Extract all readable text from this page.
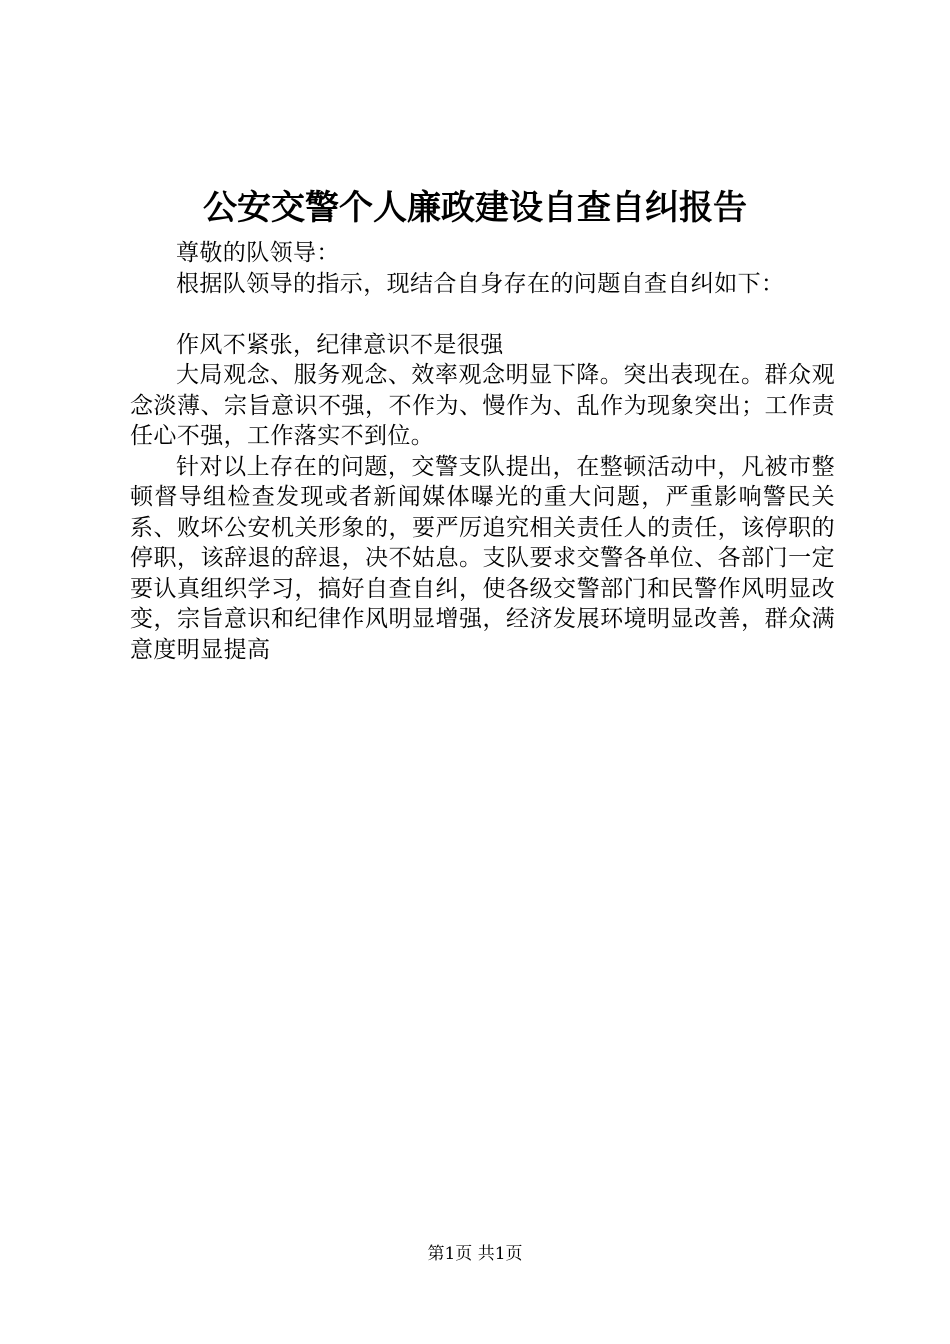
公安交警个人廉政建设自查自纠报告

尊敬的队领导：

根据队领导的指示，现结合自身存在的问题自查自纠如下：

作风不紧张，纪律意识不是很强

大局观念、服务观念、效率观念明显下降。突出表现在。群众观念淡薄、宗旨意识不强，不作为、慢作为、乱作为现象突出；工作责任心不强，工作落实不到位。

针对以上存在的问题，交警支队提出，在整顿活动中，凡被市整顿督导组检查发现或者新闻媒体曝光的重大问题，严重影响警民关系、败坏公安机关形象的，要严厉追究相关责任人的责任，该停职的停职，该辞退的辞退，决不姑息。支队要求交警各单位、各部门一定要认真组织学习，搞好自查自纠，使各级交警部门和民警作风明显改变，宗旨意识和纪律作风明显增强，经济发展环境明显改善，群众满意度明显提高

第1页 共1页
